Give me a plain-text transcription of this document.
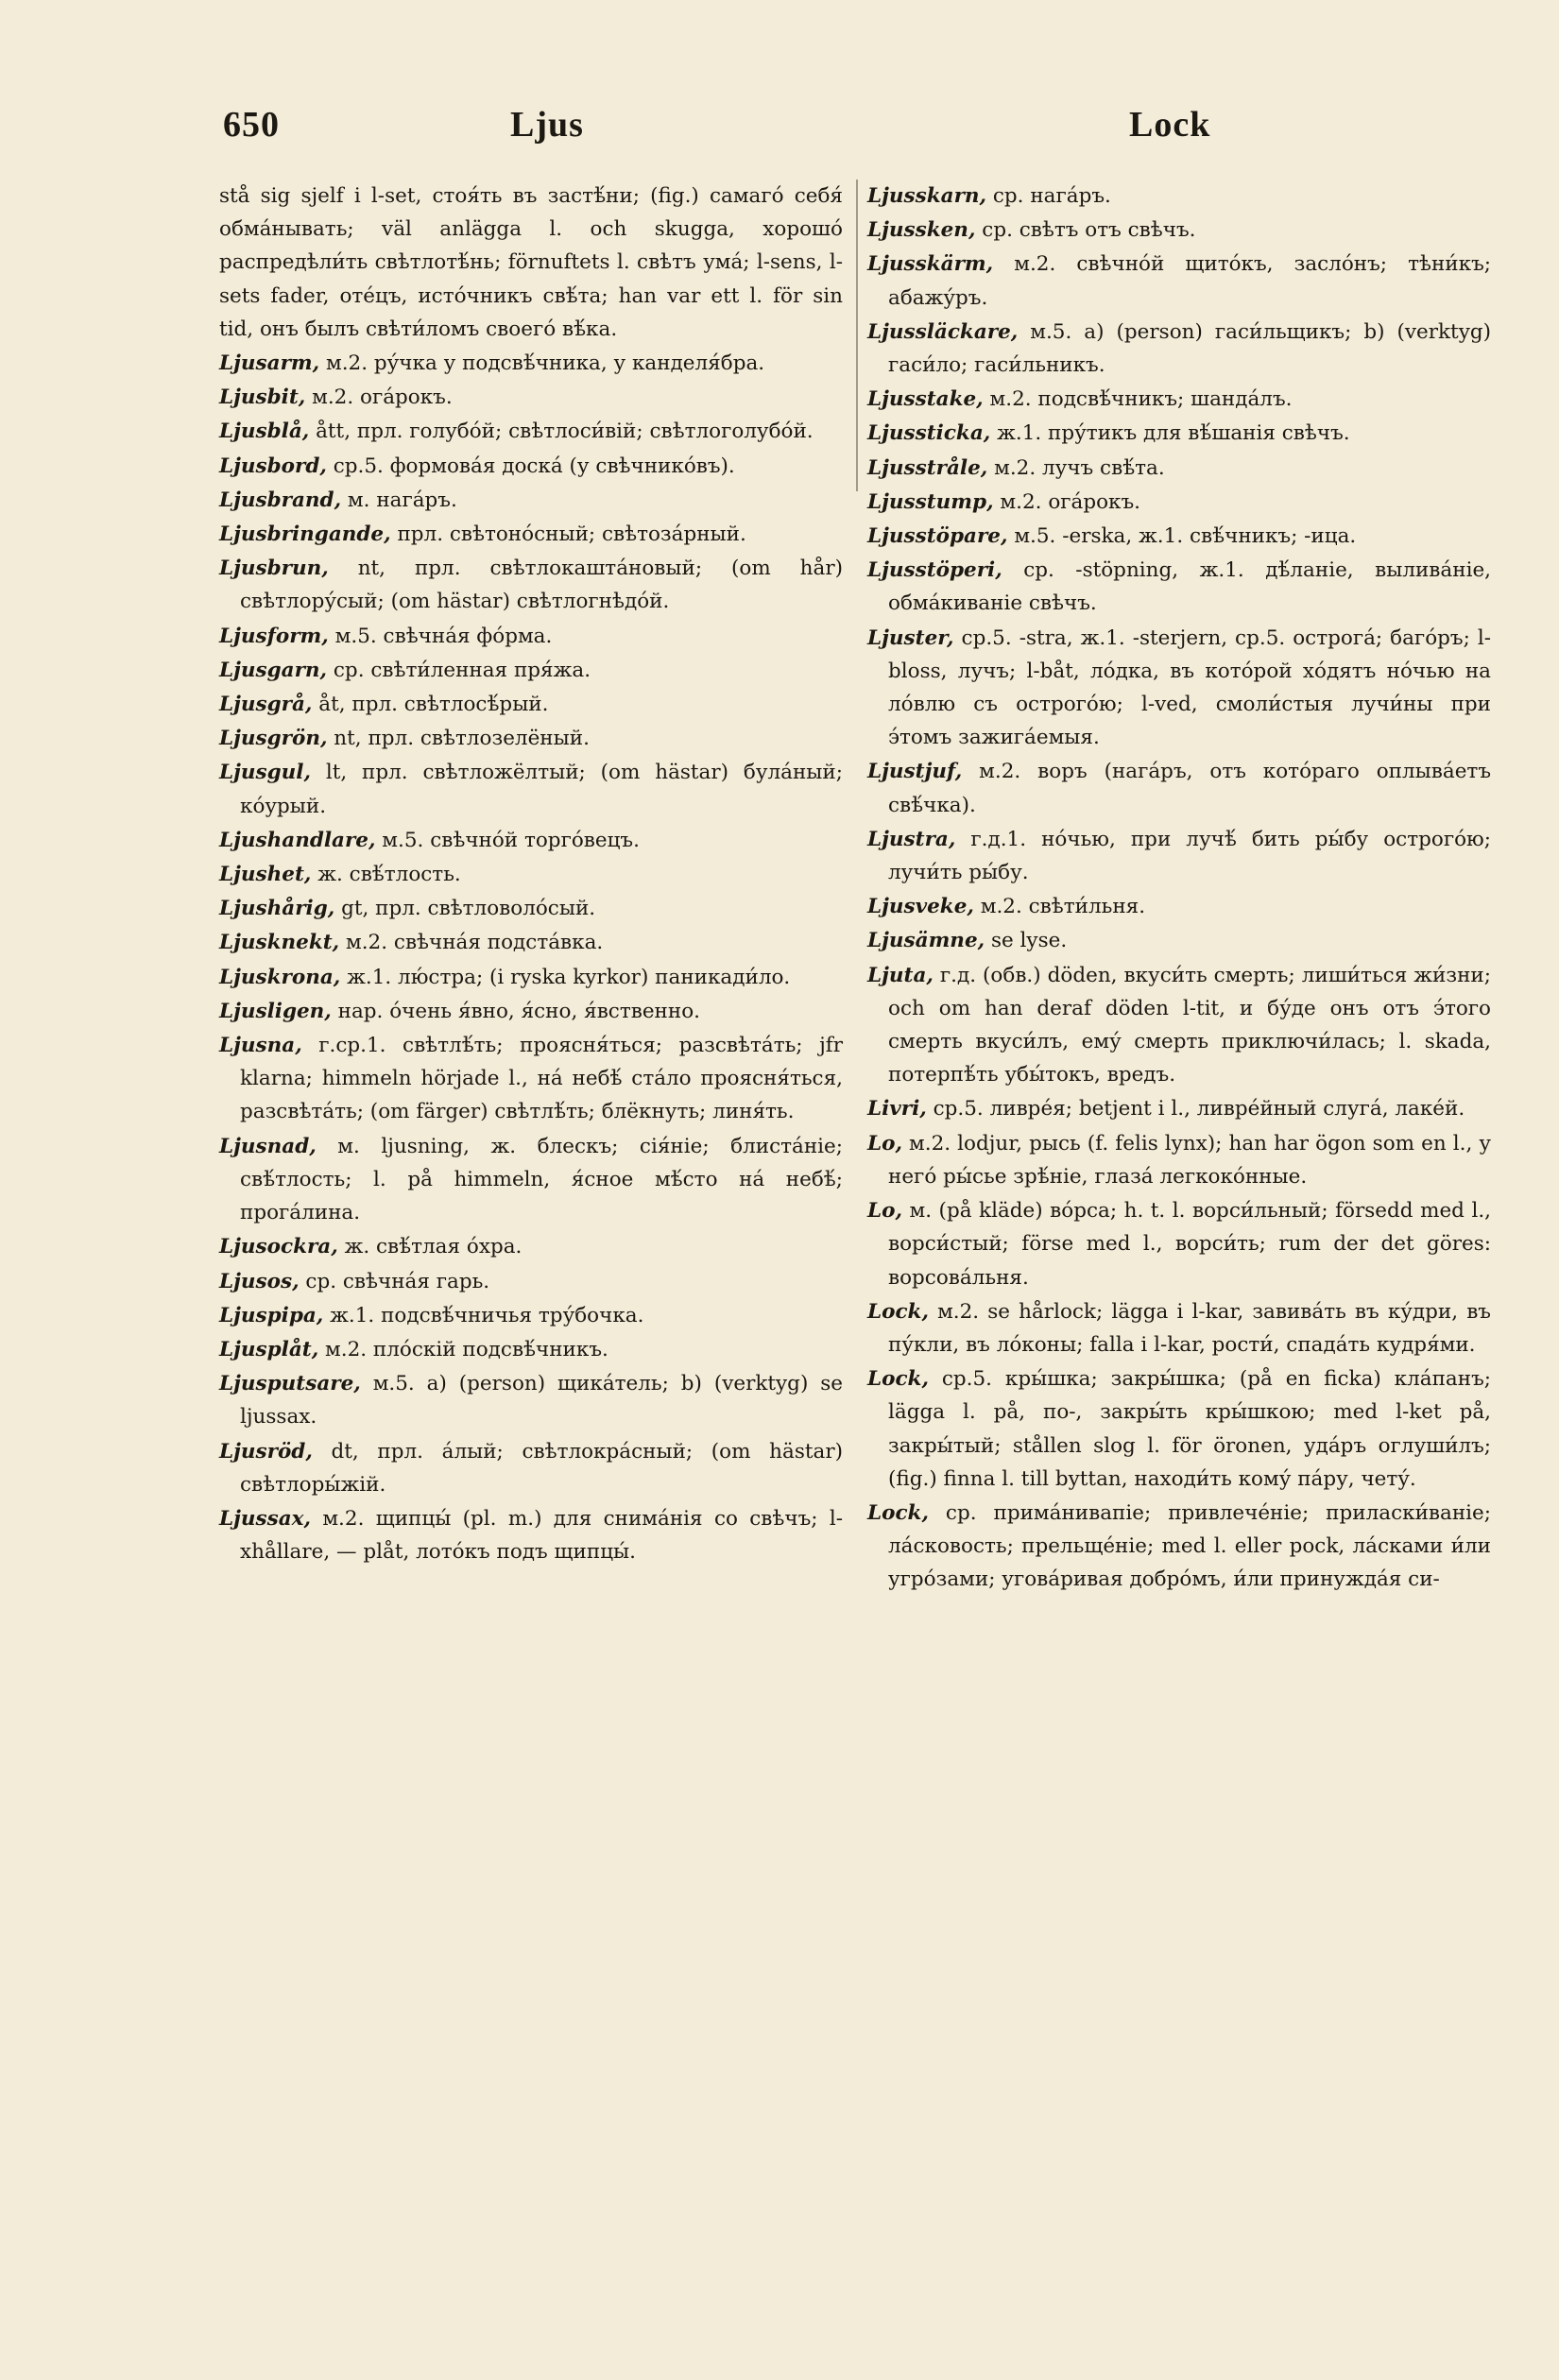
650	Ljus	Lock
stå sig sjelf i l-set, стоя́ть въ застѣ́ни; (fig.) самаго́ себя́ обма́нывать; väl anlägga l. och skugga, хорошо́ распредѣли́ть свѣтлотѣ́нь; förnuftets l. свѣтъ ума́; l-sens, l-sets fader, оте́цъ, исто́чникъ свѣ́та; han var ett l. för sin tid, онъ былъ свѣти́ломъ своего́ вѣ́ка.
Ljusarm, м.2. ру́чка у подсвѣ́чника, у канделя́бра.
Ljusbit, м.2. ога́рокъ.
Ljusblå, ått, прл. голубо́й; свѣтлоси́вій; свѣтлоголубо́й.
Ljusbord, ср.5. формова́я доска́ (у свѣчнико́въ).
Ljusbrand, м. нага́ръ.
Ljusbringande, прл. свѣтоно́сный; свѣтоза́рный.
Ljusbrun, nt, прл. свѣтлокашта́новый; (om hår) свѣтлору́сый; (om hästar) свѣтлогнѣдо́й.
Ljusform, м.5. свѣчна́я фо́рма.
Ljusgarn, ср. свѣти́ленная пря́жа.
Ljusgrå, åt, прл. свѣтлосѣ́рый.
Ljusgrön, nt, прл. свѣтлозелёный.
Ljusgul, lt, прл. свѣтложёлтый; (om hästar) була́ный; ко́урый.
Ljushandlare, м.5. свѣчно́й торго́вецъ.
Ljushet, ж. свѣ́тлость.
Ljushårig, gt, прл. свѣтловоло́сый.
Ljusknekt, м.2. свѣчна́я подста́вка.
Ljuskrona, ж.1. лю́стра; (i ryska kyrkor) паникади́ло.
Ljusligen, нар. о́чень я́вно, я́сно, я́вственно.
Ljusna, г.ср.1. свѣтлѣ́ть; проясня́ться; разсвѣта́ть; jfr klarna; himmeln hörjade l., на́ небѣ́ ста́ло проясня́ться, разсвѣта́ть; (om färger) свѣтлѣ́ть; блёкнуть; линя́ть.
Ljusnad, м. ljusning, ж. блескъ; сія́ніе; блиста́ніе; свѣ́тлость; l. på himmeln, я́сное мѣ́сто на́ небѣ́; прога́лина.
Ljusockra, ж. свѣ́тлая о́хра.
Ljusos, ср. свѣчна́я гарь.
Ljuspipa, ж.1. подсвѣ́чничья тру́бочка.
Ljusplåt, м.2. пло́скій подсвѣ́чникъ.
Ljusputsare, м.5. a) (person) щика́тель; b) (verktyg) se ljussax.
Ljusröd, dt, прл. а́лый; свѣтлокра́сный; (om hästar) свѣтлоры́жій.
Ljussax, м.2. щипцы́ (pl. m.) для снима́нія со свѣчъ; l-xhållare, — plåt, лото́къ подъ щипцы́.
Ljusskarn, ср. нага́ръ.
Ljussken, ср. свѣтъ отъ свѣчъ.
Ljusskärm, м.2. свѣчно́й щито́къ, засло́нъ; тѣни́къ; абажу́ръ.
Ljussläckare, м.5. a) (person) гаси́льщикъ; b) (verktyg) гаси́ло; гаси́льникъ.
Ljusstake, м.2. подсвѣ́чникъ; шанда́лъ.
Ljussticka, ж.1. пру́тикъ для вѣ́шанія свѣчъ.
Ljusstråle, м.2. лучъ свѣ́та.
Ljusstump, м.2. ога́рокъ.
Ljusstöpare, м.5. -erska, ж.1. свѣ́чникъ; -ица.
Ljusstöperi, ср. -stöpning, ж.1. дѣ́ланіе, вылива́ніе, обма́киваніе свѣчъ.
Ljuster, ср.5. -stra, ж.1. -sterjern, ср.5. острога́; баго́ръ; l-bloss, лучъ; l-båt, ло́дка, въ кото́рой хо́дятъ но́чью на ло́влю съ острого́ю; l-ved, смоли́стыя лучи́ны при э́томъ зажига́емыя.
Ljustjuf, м.2. воръ (нага́ръ, отъ кото́раго оплыва́етъ свѣ́чка).
Ljustra, г.д.1. но́чью, при лучѣ́ бить ры́бу острого́ю; лучи́ть ры́бу.
Ljusveke, м.2. свѣти́льня.
Ljusämne, se lyse.
Ljuta, г.д. (обв.) döden, вкуси́ть смерть; лиши́ться жи́зни; och om han deraf döden l-tit, и бу́де онъ отъ э́того смерть вкуси́лъ, ему́ смерть приключи́лась; l. skada, потерпѣ́ть убы́токъ, вредъ.
Livri, ср.5. ливре́я; betjent i l., ливре́йный слуга́, лаке́й.
Lo, м.2. lodjur, рысь (f. felis lynx); han har ögon som en l., у него́ ры́сье зрѣ́ніе, глаза́ легкоко́нные.
Lo, м. (på kläde) во́рса; h. t. l. ворси́льный; försedd med l., ворси́стый; förse med l., ворси́ть; rum der det göres: ворсова́льня.
Lock, м.2. se hårlock; lägga i l-kar, завива́ть въ ку́дри, въ пу́кли, въ ло́коны; falla i l-kar, рости́, спада́ть кудря́ми.
Lock, ср.5. кры́шка; закры́шка; (på en ficka) кла́панъ; lägga l. på, по-, закры́ть кры́шкою; med l-ket på, закры́тый; stållen slog l. för öronen, уда́ръ оглуши́лъ; (fig.) finna l. till byttan, находи́ть кому́ па́ру, чету́.
Lock, ср. прима́нивапіе; привлече́ніе; приласки́ваніе; ла́сковость; прельще́ніе; med l. eller pock, ла́сками и́ли угро́зами; угова́ривая добро́мъ, и́ли принужда́я си-
